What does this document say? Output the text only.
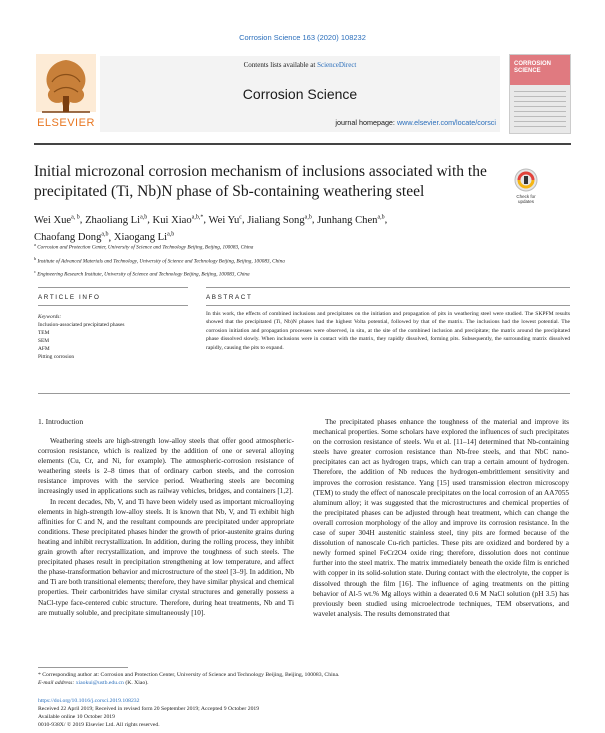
Corrosion Science 163 (2020) 108232
ELSEVIER
Contents lists available at ScienceDirect
Corrosion Science
journal homepage: www.elsevier.com/locate/corsci
CORROSION
SCIENCE
Initial microzonal corrosion mechanism of inclusions associated with the precipitated (Ti, Nb)N phase of Sb-containing weathering steel	Check for
updates
Wei Xue$^{a, b}$, Zhaoliang Li$^{a,b}$, Kui Xiao$^{a,b,*}$, Wei Yu$^c$, Jialiang Song$^{a,b}$, Junhang Chen$^{a,b}$,
Chaofang Dong$^{a,b}$, Xiaogang Li$^{a,b}$
$^a$ Corrosion and Protection Center, University of Science and Technology Beijing, Beijing, 100083, China
$^b$ Institute of Advanced Materials and Technology, University of Science and Technology Beijing, Beijing, 100083, China
$^c$ Engineering Research Institute, University of Science and Technology Beijing, Beijing, 100083, China
ARTICLE INFO	ABSTRACT
Keywords:
Inclusion-associated precipitated phases
TEM
SEM
AFM
Pitting corrosion
In this work, the effects of combined inclusions and precipitates on the initiation and propagation of pits in weathering steel were studied. The SKPFM results showed that the precipitated (Ti, Nb)N phases had the highest Volta potential, followed by that of the matrix. The inclusions had the lowest potential. The corrosion initiation and propagation processes were observed, in situ, at the site of the combined inclusion and precipitate; the matrix around the precipitated phase dissolved slowly. When inclusions were in contact with the matrix, they rapidly dissolved, forming pits. Subsequently, the surrounding matrix dissolved rapidly, causing the pits to expand.
1. Introduction

Weathering steels are high-strength low-alloy steels that offer good atmospheric-corrosion resistance, which is realized by the addition of one or several alloying elements (Cu, Cr, and Ni, for example). The atmospheric-corrosion resistance of weathering steels is 2–8 times that of ordinary carbon steels, and the corrosion resistance improves with the service period. Weathering steels are becoming increasingly used in applications such as railway vehicles, bridges, and containers [1,2].

In recent decades, Nb, V, and Ti have been widely used as important microalloying elements in high-strength low-alloy steels. It is known that Nb, V, and Ti exhibit high affinities for C and N, and the resultant compounds are precipitated under appropriate conditions. These precipitated phases hinder the growth of prior-austenite grains during heating and inhibit recrystallization. In addition, during the rolling process, they inhibit grain growth after recrystallization, and improve the toughness of such steels. The precipitated phases result in precipitation strengthening at low temperature, and affect the phase-transformation behavior and microstructure of the steel [3–9]. In addition, Nb and Ti are both transitional elements; therefore, they have similar physical and chemical properties. Their carbonitrides have similar crystal structures and generally possess a NaCl-type face-centered cubic structure. Therefore, during heat treatments, Nb and Ti are mutually soluble, and precipitate simultaneously [10].

The precipitated phases enhance the toughness of the material and improve its mechanical properties. Some scholars have explored the influences of such precipitates on the corrosion resistance of steels. Wu et al. [11–14] determined that Nb-containing steels have greater corrosion resistance than Nb-free steels, and that NbC nano-precipitates can act as hydrogen traps, which can trap a certain amount of hydrogen. Therefore, the addition of Nb reduces the hydrogen-embrittlement sensitivity and improves the corrosion resistance. Yang [15] used transmission electron microscopy (TEM) to study the effect of nanoscale precipitates on the local corrosion of an AA7055 aluminum alloy; it was suggested that the microstructures and chemical properties of the precipitated phases can be adjusted through heat treatment, which can change the overall corrosion morphology of the alloy and improve its corrosion resistance. In the case of super 304H austenitic stainless steel, tiny pits are formed because of the dissolution of nanoscale Cu-rich particles. These pits are oxidized and bordered by a newly formed spinel FeCr2O4 oxide ring; therefore, dissolution does not continue further into the steel matrix. The matrix immediately beneath the oxide film is enriched with copper in its solid-solution state. During contact with the electrolyte, the copper is dissolved through the film [16]. The influence of aging treatments on the pitting behavior of Al-5 wt.% Mg alloys within a deaerated 0.6 M NaCl solution (pH 3.5) has previously been studied using microelectrode techniques, TEM observations, and wavelet analysis. The results demonstrated that

* Corresponding author at: Corrosion and Protection Center, University of Science and Technology Beijing, Beijing, 100083, China.
E-mail address: xiaokui@ustb.edu.cn (K. Xiao).
https://doi.org/10.1016/j.corsci.2019.108232
Received 22 April 2019; Received in revised form 20 September 2019; Accepted 9 October 2019
Available online 10 October 2019
0010-938X/ © 2019 Elsevier Ltd. All rights reserved.
